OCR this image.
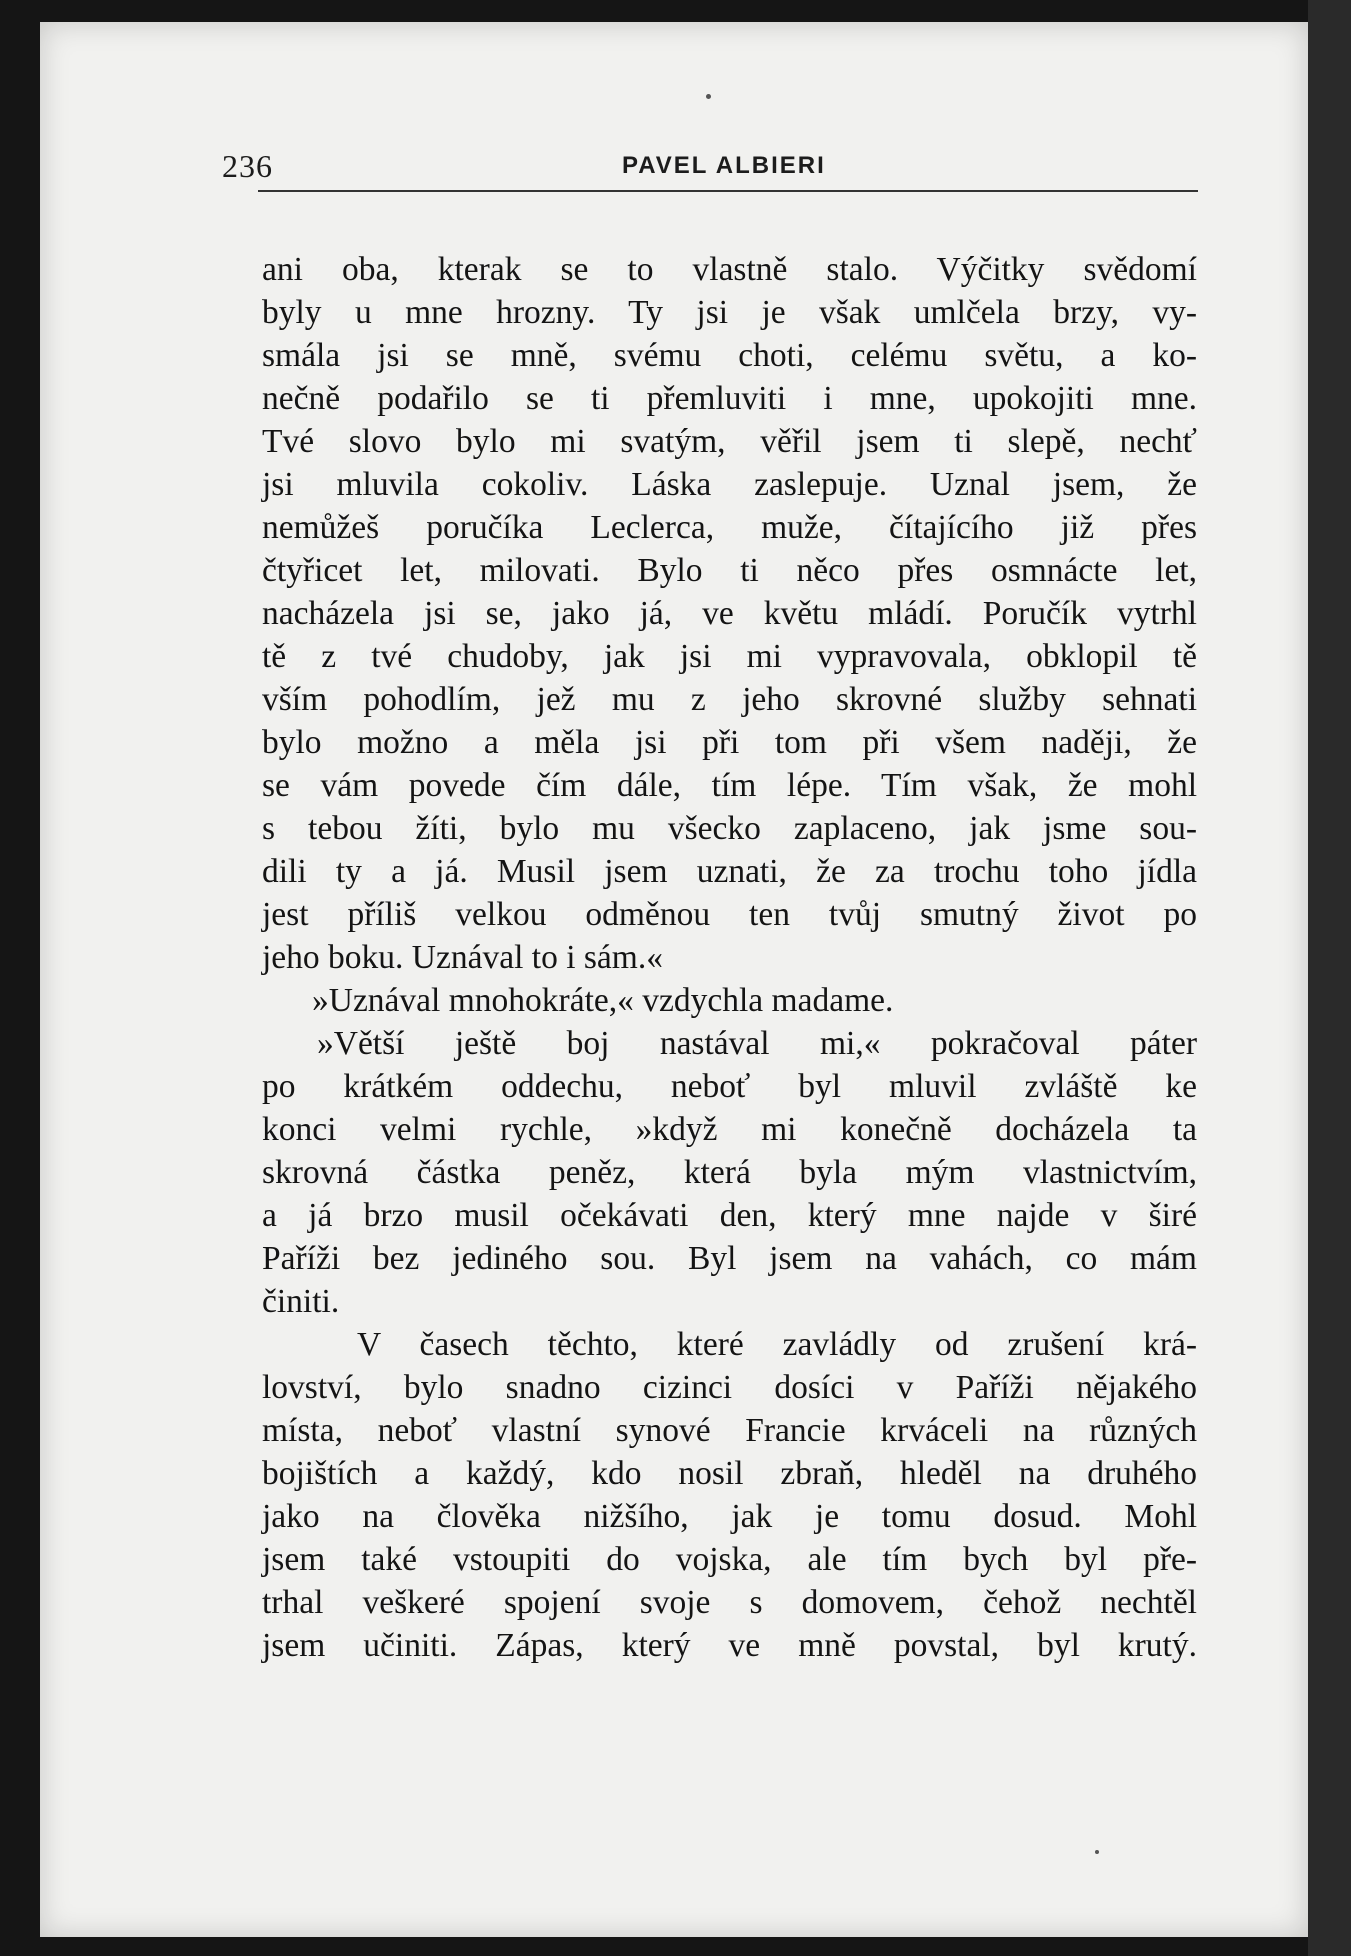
236	PAVEL ALBIERI
ani oba, kterak se to vlastně stalo. Výčitky svědomí
byly u mne hrozny. Ty jsi je však umlčela brzy, vy-
smála jsi se mně, svému choti, celému světu, a ko-
nečně podařilo se ti přemluviti i mne, upokojiti mne.
Tvé slovo bylo mi svatým, věřil jsem ti slepě, nechť
jsi mluvila cokoliv. Láska zaslepuje. Uznal jsem, že
nemůžeš poručíka Leclerca, muže, čítajícího již přes
čtyřicet let, milovati. Bylo ti něco přes osmnácte let,
nacházela jsi se, jako já, ve květu mládí. Poručík vytrhl
tě z tvé chudoby, jak jsi mi vypravovala, obklopil tě
vším pohodlím, jež mu z jeho skrovné služby sehnati
bylo možno a měla jsi při tom při všem naději, že
se vám povede čím dále, tím lépe. Tím však, že mohl
s tebou žíti, bylo mu všecko zaplaceno, jak jsme sou-
dili ty a já. Musil jsem uznati, že za trochu toho jídla
jest příliš velkou odměnou ten tvůj smutný život po
jeho boku. Uznával to i sám.«
»Uznával mnohokráte,« vzdychla madame.
»Větší ještě boj nastával mi,« pokračoval páter
po krátkém oddechu, neboť byl mluvil zvláště ke
konci velmi rychle, »když mi konečně docházela ta
skrovná částka peněz, která byla mým vlastnictvím,
a já brzo musil očekávati den, který mne najde v širé
Paříži bez jediného sou. Byl jsem na vahách, co mám
činiti.
V časech těchto, které zavládly od zrušení krá-
lovství, bylo snadno cizinci dosíci v Paříži nějakého
místa, neboť vlastní synové Francie krváceli na různých
bojištích a každý, kdo nosil zbraň, hleděl na druhého
jako na člověka nižšího, jak je tomu dosud. Mohl
jsem také vstoupiti do vojska, ale tím bych byl pře-
trhal veškeré spojení svoje s domovem, čehož nechtěl
jsem učiniti. Zápas, který ve mně povstal, byl krutý.
